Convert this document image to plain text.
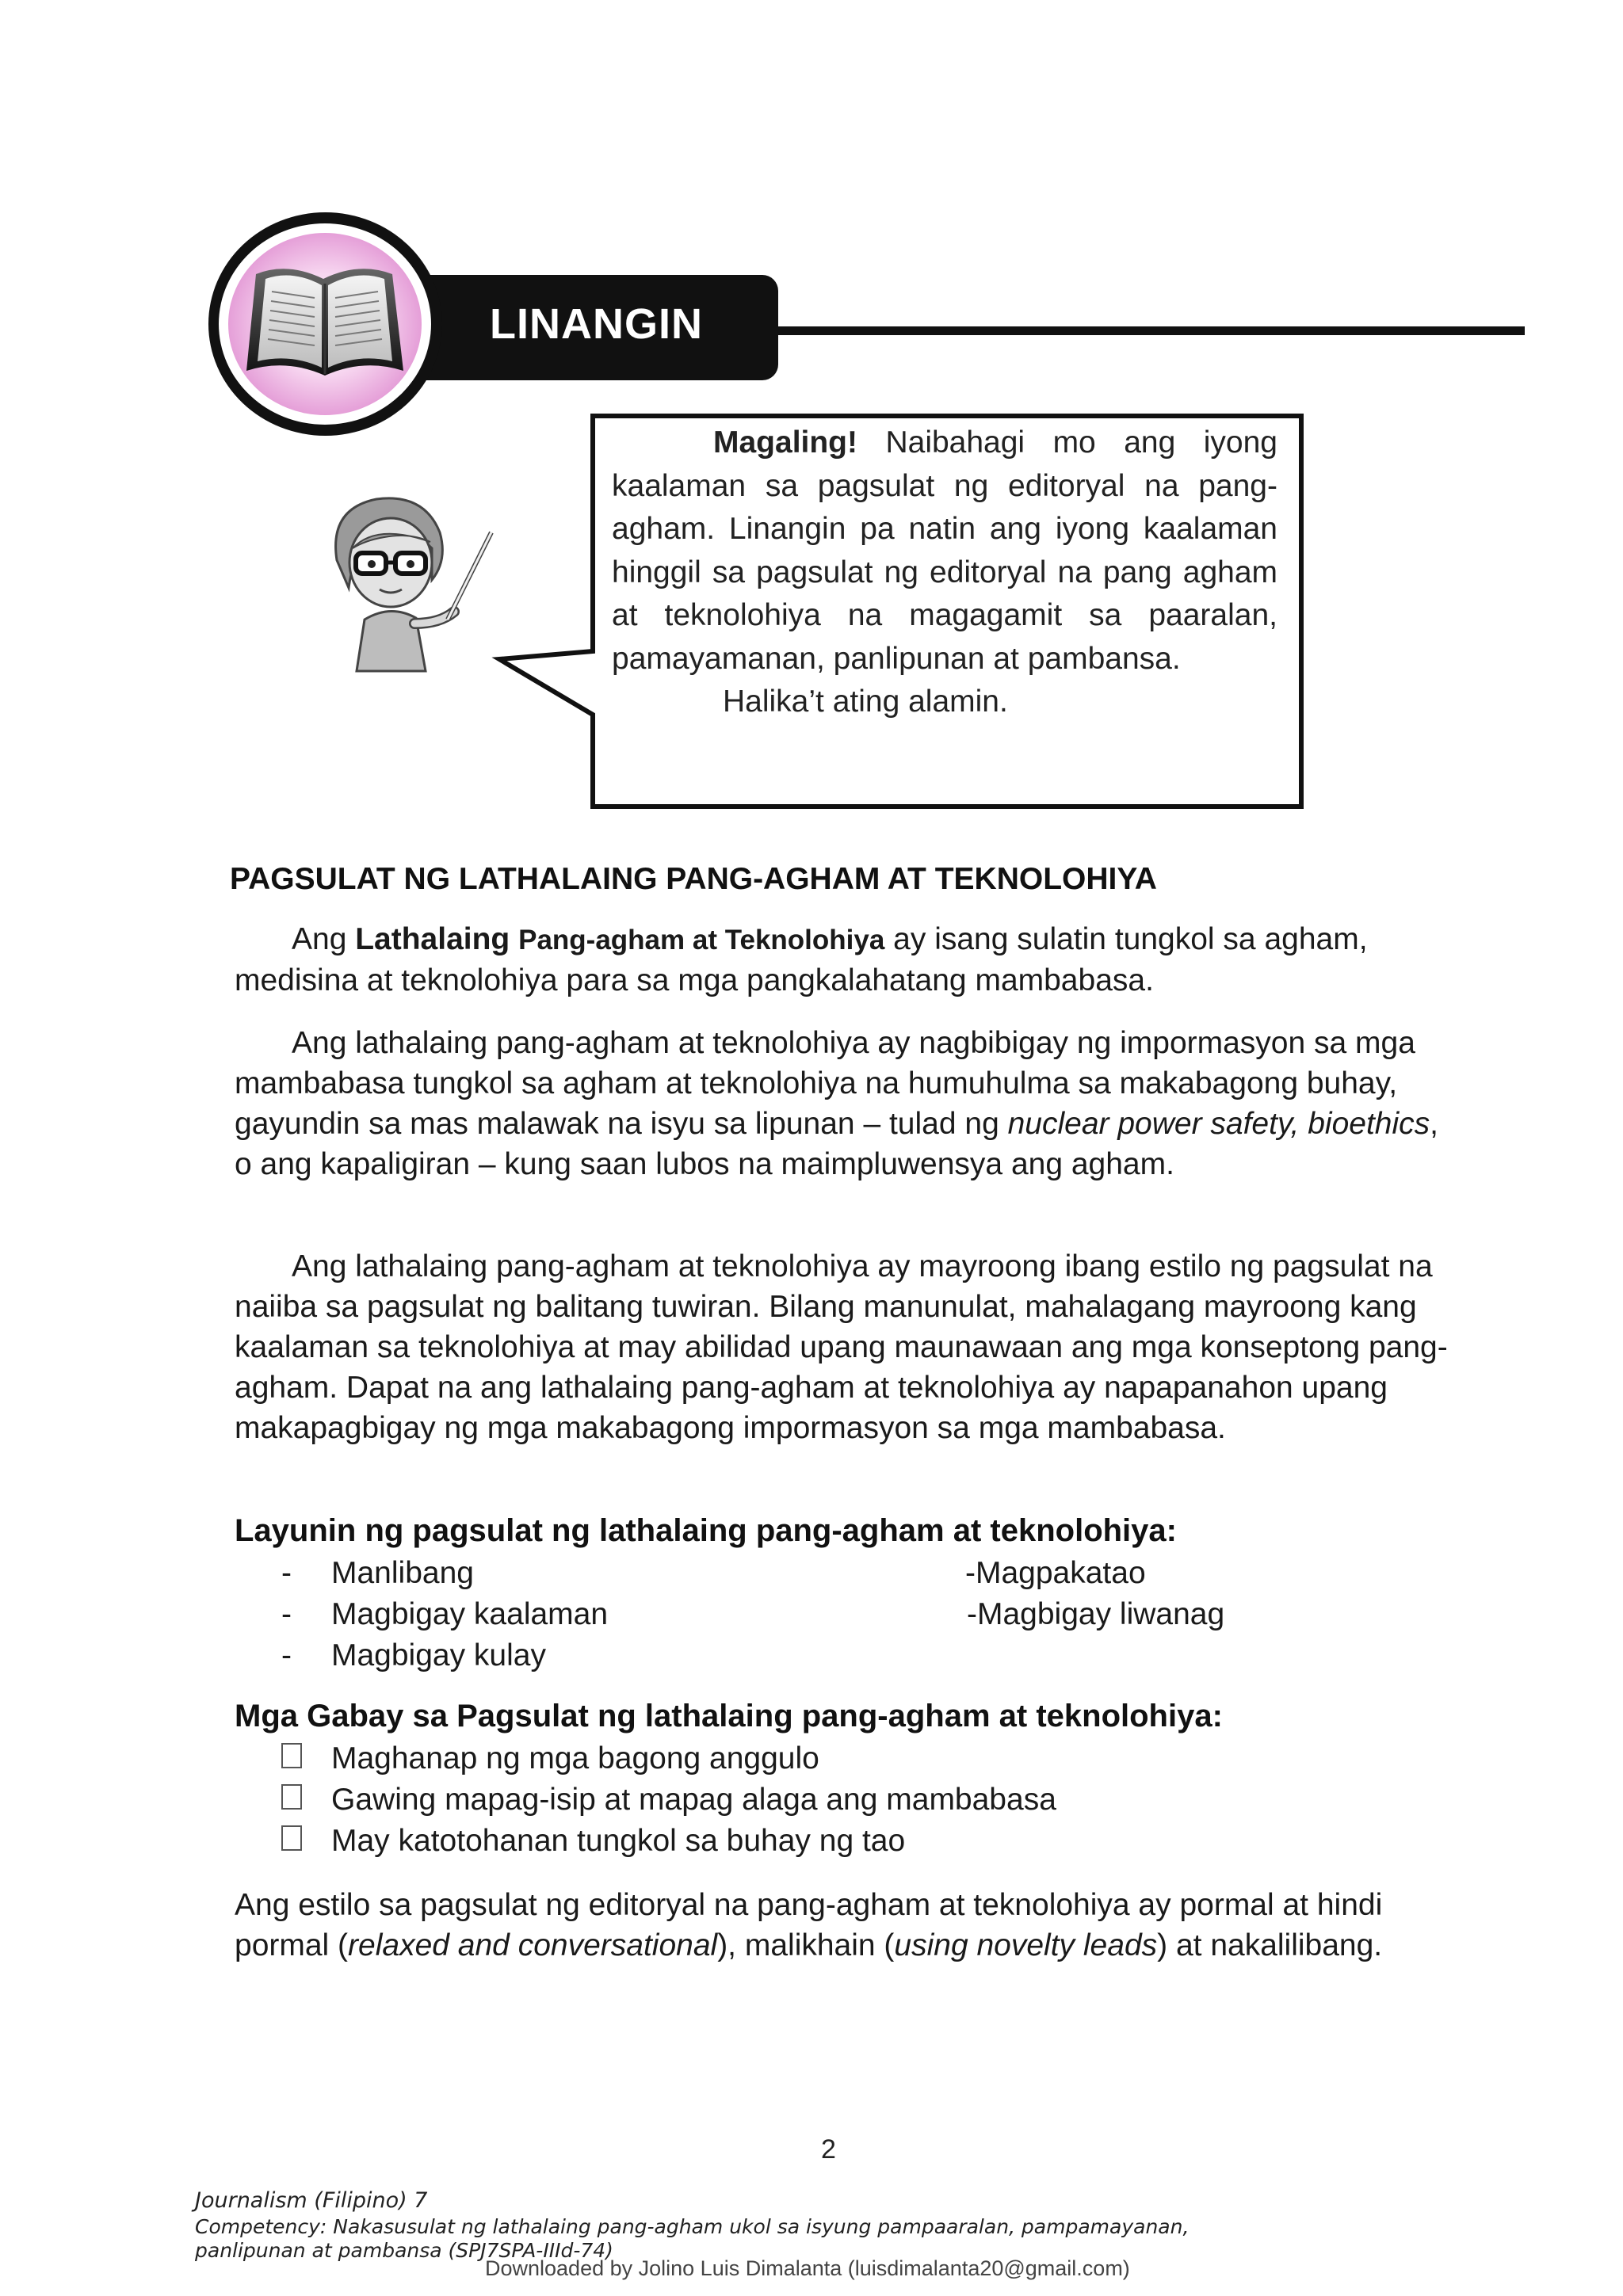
LINANGIN

Magaling! Naibahagi mo ang iyong kaalaman sa pagsulat ng editoryal na pang-agham. Linangin pa natin ang iyong kaalaman hinggil sa pagsulat ng editoryal na pang agham at teknolohiya na magagamit sa paaralan, pamayamanan, panlipunan at pambansa.

Halika’t ating alamin.

PAGSULAT NG LATHALAING PANG-AGHAM AT TEKNOLOHIYA

Ang Lathalaing Pang-agham at Teknolohiya ay isang sulatin tungkol sa agham, medisina at teknolohiya para sa mga pangkalahatang mambabasa.

Ang lathalaing pang-agham at teknolohiya ay nagbibigay ng impormasyon sa mga mambabasa tungkol sa agham at teknolohiya na humuhulma sa makabagong buhay, gayundin sa mas malawak na isyu sa lipunan – tulad ng nuclear power safety, bioethics, o ang kapaligiran – kung saan lubos na maimpluwensya ang agham.

Ang lathalaing pang-agham at teknolohiya ay mayroong ibang estilo ng pagsulat na naiiba sa pagsulat ng balitang tuwiran. Bilang manunulat, mahalagang mayroong kang kaalaman sa teknolohiya at may abilidad upang maunawaan ang mga konseptong pang-agham. Dapat na ang lathalaing pang-agham at teknolohiya ay napapanahon upang makapagbigay ng mga makabagong impormasyon sa mga mambabasa.

Layunin ng pagsulat ng lathalaing pang-agham at teknolohiya:
-
-
-
Manlibang
Magbigay kaalaman
Magbigay kulay
-Magpakatao
-Magbigay liwanag
Mga Gabay sa Pagsulat ng lathalaing pang-agham at teknolohiya:
Maghanap ng mga bagong anggulo
Gawing mapag-isip at mapag alaga ang mambabasa
May katotohanan tungkol sa buhay ng tao

Ang estilo sa pagsulat ng editoryal na pang-agham at teknolohiya ay pormal at hindi pormal (relaxed and conversational), malikhain (using novelty leads) at nakalilibang.

2
Journalism (Filipino) 7
Competency: Nakasusulat ng lathalaing pang-agham ukol sa isyung pampaaralan, pampamayanan,
panlipunan at pambansa (SPJ7SPA-IIId-74)
Downloaded by Jolino Luis Dimalanta (luisdimalanta20@gmail.com)
